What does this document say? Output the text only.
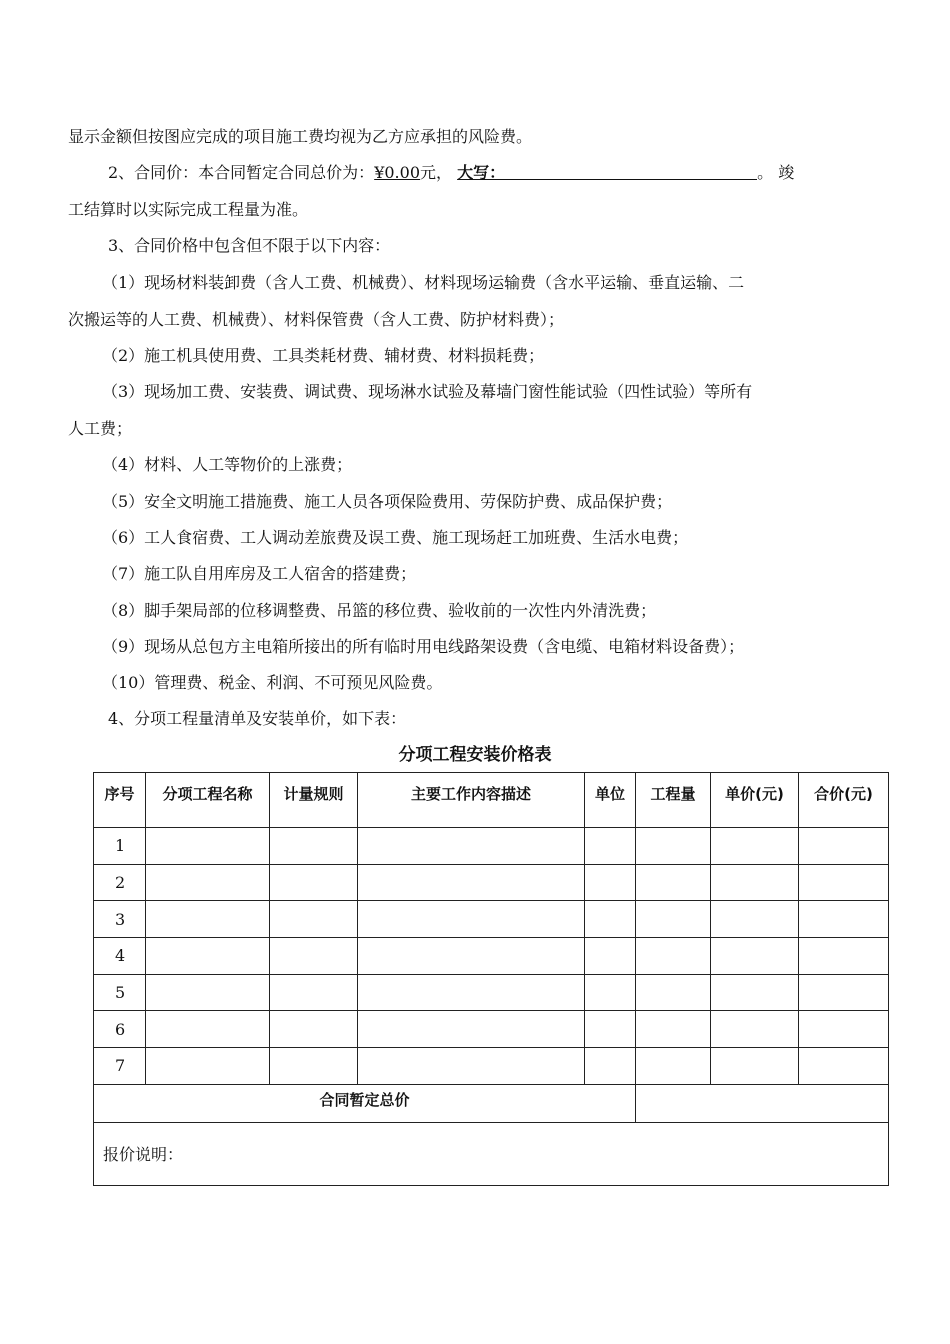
显示金额但按图应完成的项目施工费均视为乙方应承担的风险费。
2、合同价：本合同暂定合同总价为：¥0.00元， 大写：	。 竣
工结算时以实际完成工程量为准。
3、合同价格中包含但不限于以下内容：
（1）现场材料装卸费（含人工费、机械费）、材料现场运输费（含水平运输、垂直运输、二
次搬运等的人工费、机械费）、材料保管费（含人工费、防护材料费）；
（2）施工机具使用费、工具类耗材费、辅材费、材料损耗费；
（3）现场加工费、安装费、调试费、现场淋水试验及幕墙门窗性能试验（四性试验）等所有
人工费；
（4）材料、人工等物价的上涨费；
（5）安全文明施工措施费、施工人员各项保险费用、劳保防护费、成品保护费；
（6）工人食宿费、工人调动差旅费及误工费、施工现场赶工加班费、生活水电费；
（7）施工队自用库房及工人宿舍的搭建费；
（8）脚手架局部的位移调整费、吊篮的移位费、验收前的一次性内外清洗费；
（9）现场从总包方主电箱所接出的所有临时用电线路架设费（含电缆、电箱材料设备费）；
（10）管理费、税金、利润、不可预见风险费。
4、分项工程量清单及安装单价，如下表：
分项工程安装价格表
序号	分项工程名称	计量规则	主要工作内容描述	单位	工程量	单价(元)	合价(元)
1							
2							
3							
4							
5							
6							
7							
合同暂定总价							
报价说明：							
